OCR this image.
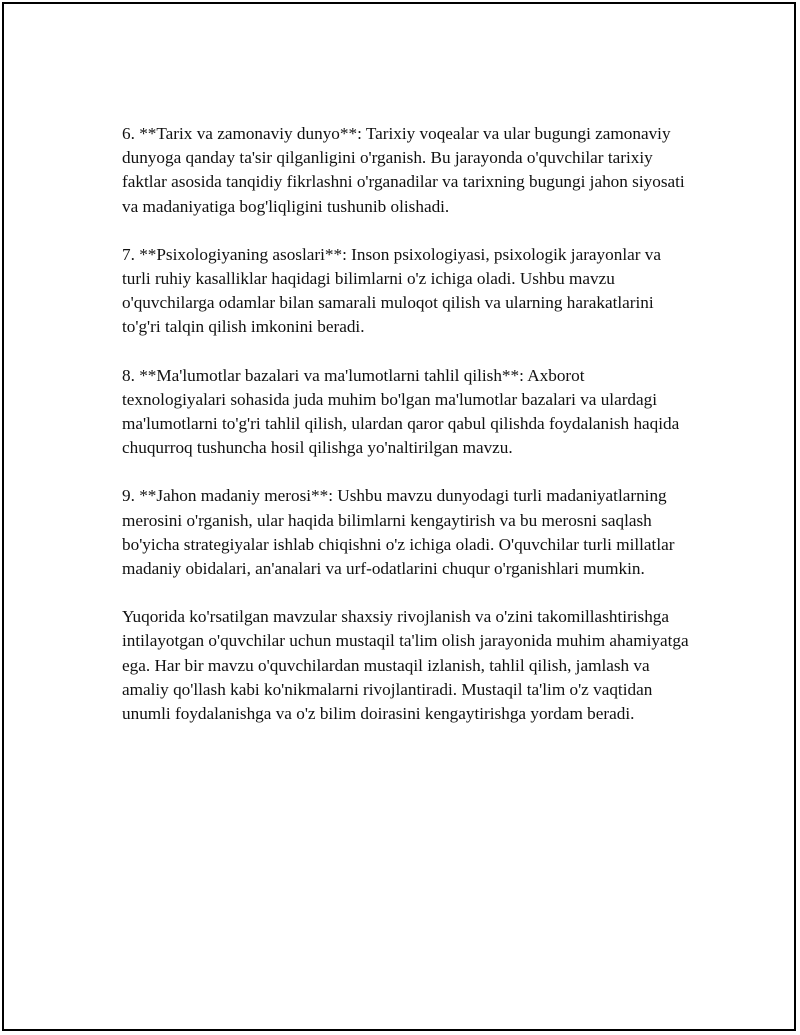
6. **Tarix va zamonaviy dunyo**: Tarixiy voqealar va ular bugungi zamonaviy dunyoga qanday ta'sir qilganligini o'rganish. Bu jarayonda o'quvchilar tarixiy faktlar asosida tanqidiy fikrlashni o'rganadilar va tarixning bugungi jahon siyosati va madaniyatiga bog'liqligini tushunib olishadi.

7. **Psixologiyaning asoslari**: Inson psixologiyasi, psixologik jarayonlar va turli ruhiy kasalliklar haqidagi bilimlarni o'z ichiga oladi. Ushbu mavzu o'quvchilarga odamlar bilan samarali muloqot qilish va ularning harakatlarini to'g'ri talqin qilish imkonini beradi.

8. **Ma'lumotlar bazalari va ma'lumotlarni tahlil qilish**: Axborot texnologiyalari sohasida juda muhim bo'lgan ma'lumotlar bazalari va ulardagi ma'lumotlarni to'g'ri tahlil qilish, ulardan qaror qabul qilishda foydalanish haqida chuqurroq tushuncha hosil qilishga yo'naltirilgan mavzu.

9. **Jahon madaniy merosi**: Ushbu mavzu dunyodagi turli madaniyatlarning merosini o'rganish, ular haqida bilimlarni kengaytirish va bu merosni saqlash bo'yicha strategiyalar ishlab chiqishni o'z ichiga oladi. O'quvchilar turli millatlar madaniy obidalari, an'analari va urf-odatlarini chuqur o'rganishlari mumkin.

Yuqorida ko'rsatilgan mavzular shaxsiy rivojlanish va o'zini takomillashtirishga intilayotgan o'quvchilar uchun mustaqil ta'lim olish jarayonida muhim ahamiyatga ega. Har bir mavzu o'quvchilardan mustaqil izlanish, tahlil qilish, jamlash va amaliy qo'llash kabi ko'nikmalarni rivojlantiradi. Mustaqil ta'lim o'z vaqtidan unumli foydalanishga va o'z bilim doirasini kengaytirishga yordam beradi.
